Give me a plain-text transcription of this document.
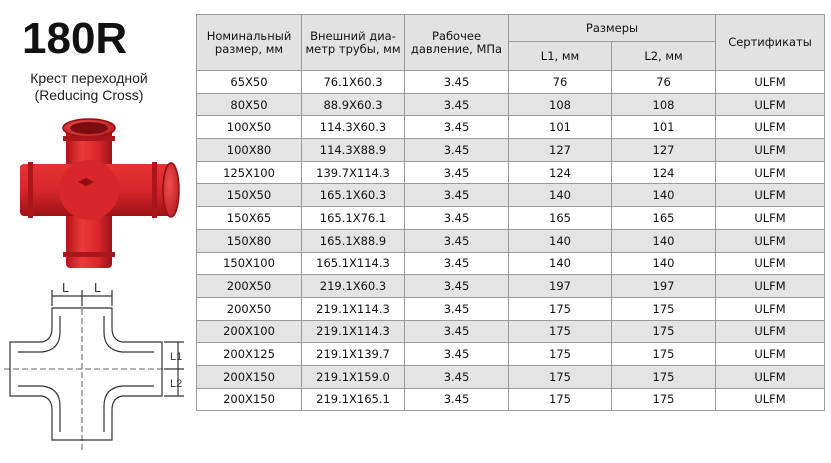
180R
Крест переходной
(Reducing Cross)
L L
L1
L2
Номинальный размер, мм	Внешний диа-метр трубы, мм	Рабочее давление, МПа	Размеры		Сертификаты
			L1, мм	L2, мм	
65X50	76.1X60.3	3.45	76	76	ULFM
80X50	88.9X60.3	3.45	108	108	ULFM
100X50	114.3X60.3	3.45	101	101	ULFM
100X80	114.3X88.9	3.45	127	127	ULFM
125X100	139.7X114.3	3.45	124	124	ULFM
150X50	165.1X60.3	3.45	140	140	ULFM
150X65	165.1X76.1	3.45	165	165	ULFM
150X80	165.1X88.9	3.45	140	140	ULFM
150X100	165.1X114.3	3.45	140	140	ULFM
200X50	219.1X60.3	3.45	197	197	ULFM
200X50	219.1X114.3	3.45	175	175	ULFM
200X100	219.1X114.3	3.45	175	175	ULFM
200X125	219.1X139.7	3.45	175	175	ULFM
200X150	219.1X159.0	3.45	175	175	ULFM
200X150	219.1X165.1	3.45	175	175	ULFM
